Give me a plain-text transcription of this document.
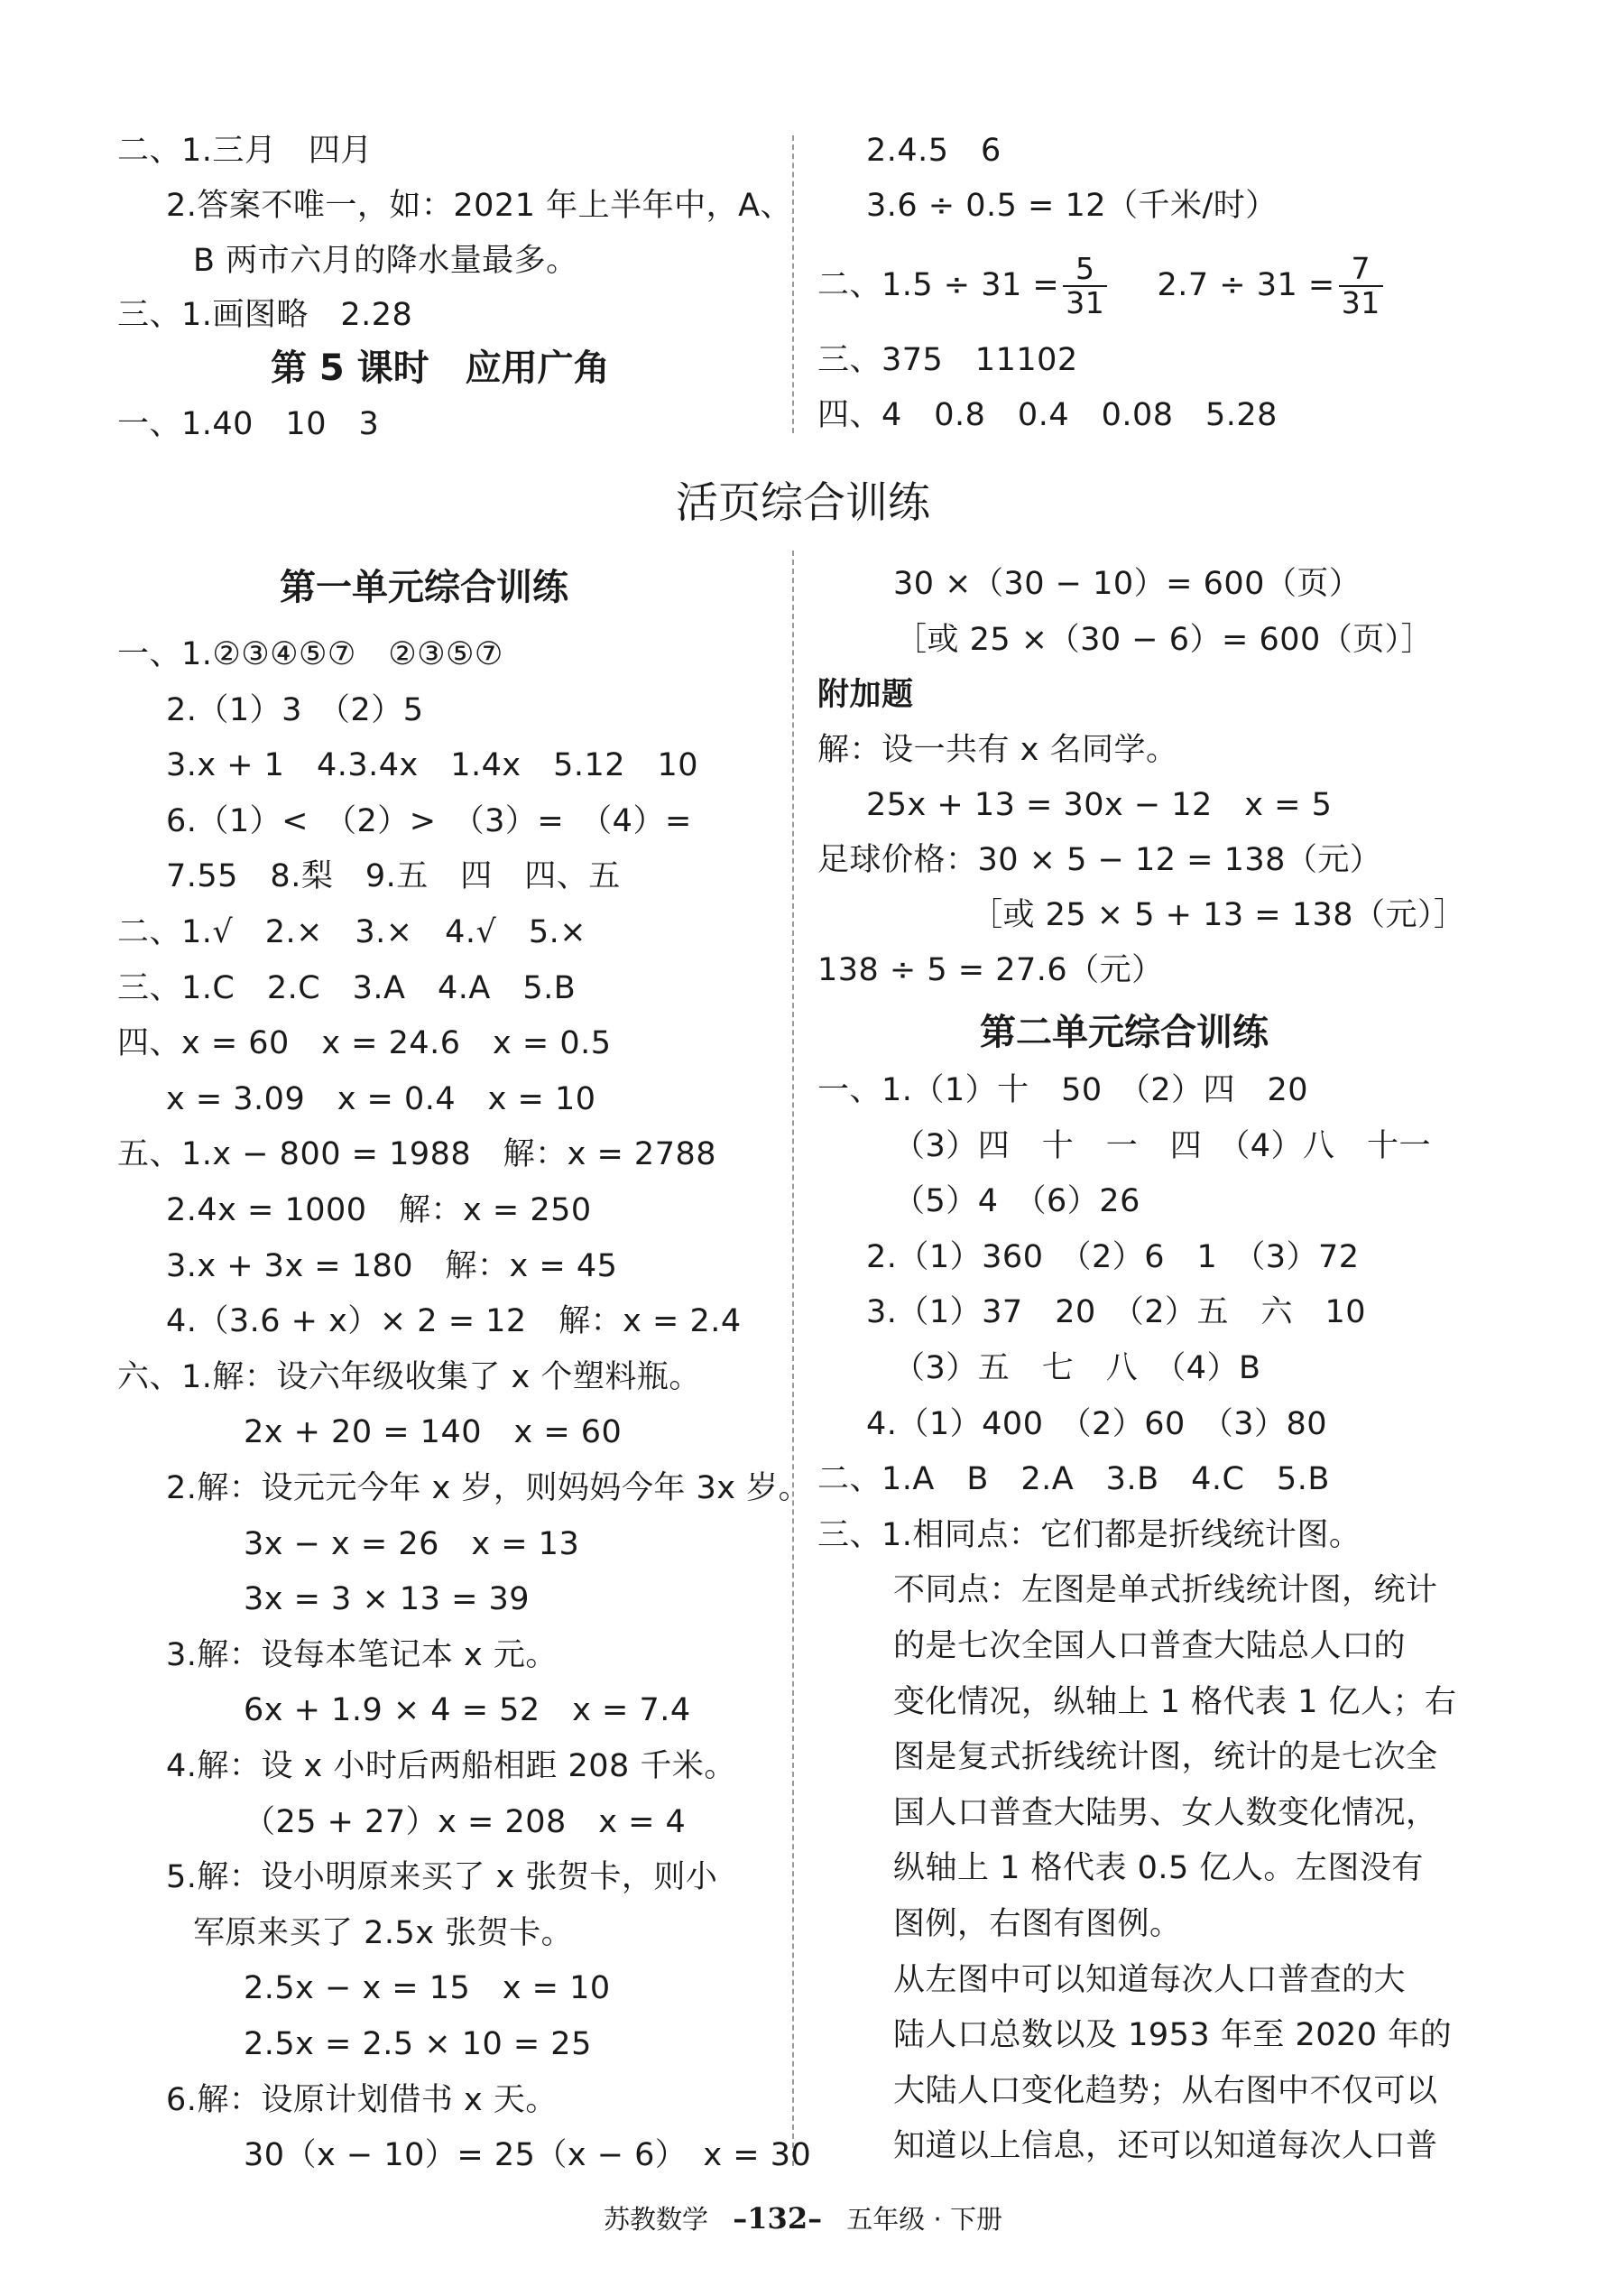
二、1.三月　四月
2.答案不唯一，如：2021 年上半年中，A、
B 两市六月的降水量最多。
三、1.画图略　2.28
第 5 课时　应用广角
一、1.40　10　3
2.4.5　6
3.6 ÷ 0.5 = 12（千米/时）
二、$1.5 \div 31 = \frac{5}{31} 2.7 \div 31 = \frac{7}{31}$
三、375　11102
四、4　0.8　0.4　0.08　5.28
活页综合训练
第一单元综合训练
一、1.②③④⑤⑦　②③⑤⑦
2.（1）3　（2）5
3.x + 1　4.3.4x　1.4x　5.12　10
6.（1）<　（2）>　（3）=　（4）=
7.55　8.梨　9.五　四　四、五
二、1.√　2.×　3.×　4.√　5.×
三、1.C　2.C　3.A　4.A　5.B
四、x = 60　x = 24.6　x = 0.5
x = 3.09　x = 0.4　x = 10
五、1.x − 800 = 1988　解：x = 2788
2.4x = 1000　解：x = 250
3.x + 3x = 180　解：x = 45
4.（3.6 + x）× 2 = 12　解：x = 2.4
六、1.解：设六年级收集了 x 个塑料瓶。
2x + 20 = 140　x = 60
2.解：设元元今年 x 岁，则妈妈今年 3x 岁。
3x − x = 26　x = 13
3x = 3 × 13 = 39
3.解：设每本笔记本 x 元。
6x + 1.9 × 4 = 52　x = 7.4
4.解：设 x 小时后两船相距 208 千米。
（25 + 27）x = 208　x = 4
5.解：设小明原来买了 x 张贺卡，则小
军原来买了 2.5x 张贺卡。
2.5x − x = 15　x = 10
2.5x = 2.5 × 10 = 25
6.解：设原计划借书 x 天。
30（x − 10）= 25（x − 6）　x = 30
30 ×（30 − 10）= 600（页）
［或 25 ×（30 − 6）= 600（页）］
附加题
解：设一共有 x 名同学。
25x + 13 = 30x − 12　x = 5
足球价格：30 × 5 − 12 = 138（元）
［或 25 × 5 + 13 = 138（元）］
138 ÷ 5 = 27.6（元）
第二单元综合训练
一、1.（1）十　50　（2）四　20
（3）四　十　一　四　（4）八　十一
（5）4　（6）26
2.（1）360　（2）6　1　（3）72
3.（1）37　20　（2）五　六　10
（3）五　七　八　（4）B
4.（1）400　（2）60　（3）80
二、1.A　B　2.A　3.B　4.C　5.B
三、1.相同点：它们都是折线统计图。
不同点：左图是单式折线统计图，统计
的是七次全国人口普查大陆总人口的
变化情况，纵轴上 1 格代表 1 亿人；右
图是复式折线统计图，统计的是七次全
国人口普查大陆男、女人数变化情况，
纵轴上 1 格代表 0.5 亿人。左图没有
图例，右图有图例。
从左图中可以知道每次人口普查的大
陆人口总数以及 1953 年至 2020 年的
大陆人口变化趋势；从右图中不仅可以
知道以上信息，还可以知道每次人口普
苏教数学 –132– 五年级 · 下册
